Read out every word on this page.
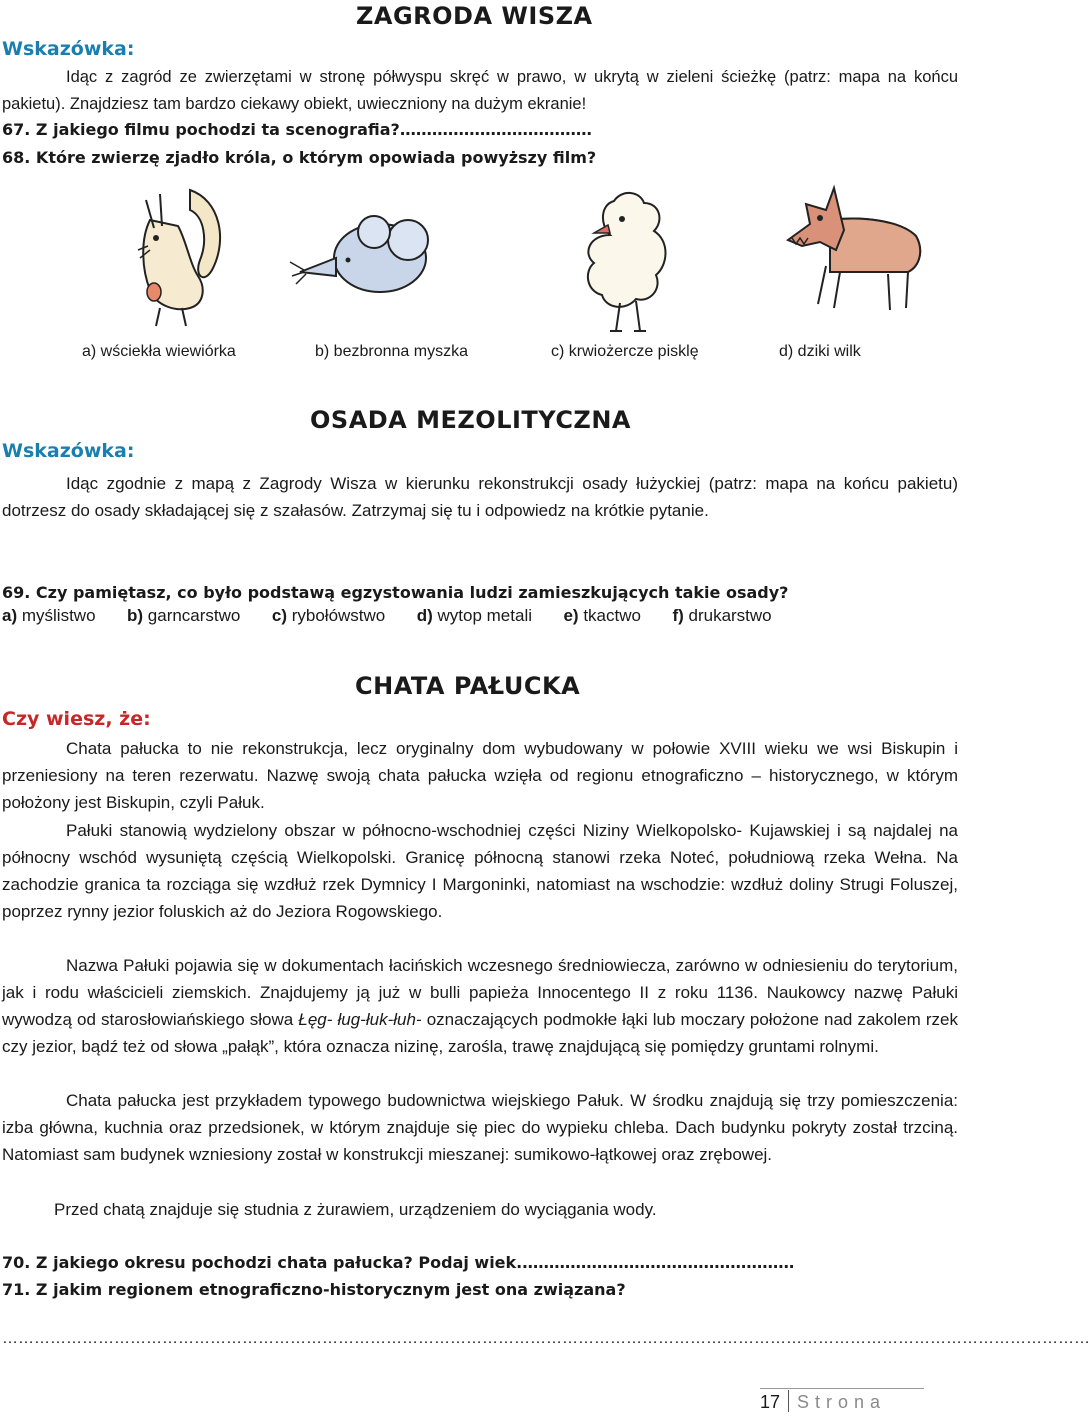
ZAGRODA WISZA
Wskazówka:

Idąc z zagród ze zwierzętami w stronę półwyspu skręć w prawo, w ukrytą w zieleni ścieżkę (patrz: mapa na końcu pakietu). Znajdziesz tam bardzo ciekawy obiekt, uwieczniony na dużym ekranie!

67. Z jakiego filmu pochodzi ta scenografia?………………………………
68. Które zwierzę zjadło króla, o którym opowiada powyższy film?
a) wściekła wiewiórka	b) bezbronna myszka	c) krwiożercze pisklę	d) dziki wilk
OSADA MEZOLITYCZNA
Wskazówka:

Idąc zgodnie z mapą z Zagrody Wisza w kierunku rekonstrukcji osady łużyckiej (patrz: mapa na końcu pakietu) dotrzesz do osady składającej się z szałasów. Zatrzymaj się tu i odpowiedz na krótkie pytanie.

69. Czy pamiętasz, co było podstawą egzystowania ludzi zamieszkujących takie osady?
a) myślistwo b) garncarstwo c) rybołówstwo d) wytop metali e) tkactwo f) drukarstwo
CHATA PAŁUCKA
Czy wiesz, że:

Chata pałucka to nie rekonstrukcja, lecz oryginalny dom wybudowany w połowie XVIII wieku we wsi Biskupin i przeniesiony na teren rezerwatu. Nazwę swoją chata pałucka wzięła od regionu etnograficzno – historycznego, w którym położony jest Biskupin, czyli Pałuk.

Pałuki stanowią wydzielony obszar w północno-wschodniej części Niziny Wielkopolsko- Kujawskiej i są najdalej na północny wschód wysuniętą częścią Wielkopolski. Granicę północną stanowi rzeka Noteć, południową rzeka Wełna. Na zachodzie granica ta rozciąga się wzdłuż rzek Dymnicy I Margoninki, natomiast na wschodzie: wzdłuż doliny Strugi Foluszej, poprzez rynny jezior foluskich aż do Jeziora Rogowskiego.

Nazwa Pałuki pojawia się w dokumentach łacińskich wczesnego średniowiecza, zarówno w odniesieniu do terytorium, jak i rodu właścicieli ziemskich. Znajdujemy ją już w bulli papieża Innocentego II z roku 1136. Naukowcy nazwę Pałuki wywodzą od starosłowiańskiego słowa Łęg- ług-łuk-łuh- oznaczających podmokłe łąki lub moczary położone nad zakolem rzek czy jezior, bądź też od słowa „pałąk”, która oznacza nizinę, zarośla, trawę znajdującą się pomiędzy gruntami rolnymi.

Chata pałucka jest przykładem typowego budownictwa wiejskiego Pałuk. W środku znajdują się trzy pomieszczenia: izba główna, kuchnia oraz przedsionek, w którym znajduje się piec do wypieku chleba. Dach budynku pokryty został trzciną. Natomiast sam budynek wzniesiony został w konstrukcji mieszanej: sumikowo-łątkowej oraz zrębowej.

Przed chatą znajduje się studnia z żurawiem, urządzeniem do wyciągania wody.

70. Z jakiego okresu pochodzi chata pałucka? Podaj wiek.……………………………………………
71. Z jakim regionem etnograficzno-historycznym jest ona związana?
……………………………………………………………………………………………………………………………………………………………………………………
17 Strona
